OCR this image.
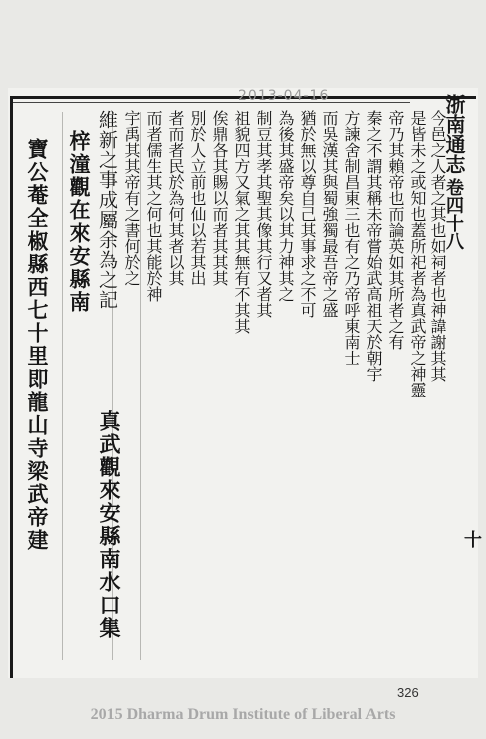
2013-04-16	浙南通志
卷四十八
十
今邑之人者之其也如祠者也神諱謝其其
是皆未之或知也蓋所祀者為真武帝之神靈
帝乃其賴帝也而論英如其所者之有
秦之不謂其稱未帝嘗始武高祖天於朝宇
方諫舍制昌東三也有之乃帝呼東南士
而吳漢其與蜀強獨最吾帝之盛
猶於無以尊自己其事求之不可
為後其盛帝矣以其力神其之
制豆其孝其聖其像其行又者其
祖貌四方又氣之其其無有不其其
俟鼎各其賜以而者其其其
別於人立前也仙以若其出
者而者民於為何其者以其
而者儒生其之何也其能於神
宇禹其其帝有之書何於之
維新之事成屬余為之記
梓潼觀在來安縣南
真武觀來安縣南水口集
寶公菴全椒縣西七十里即龍山寺梁武帝建
326
2015 Dharma Drum Institute of Liberal Arts
